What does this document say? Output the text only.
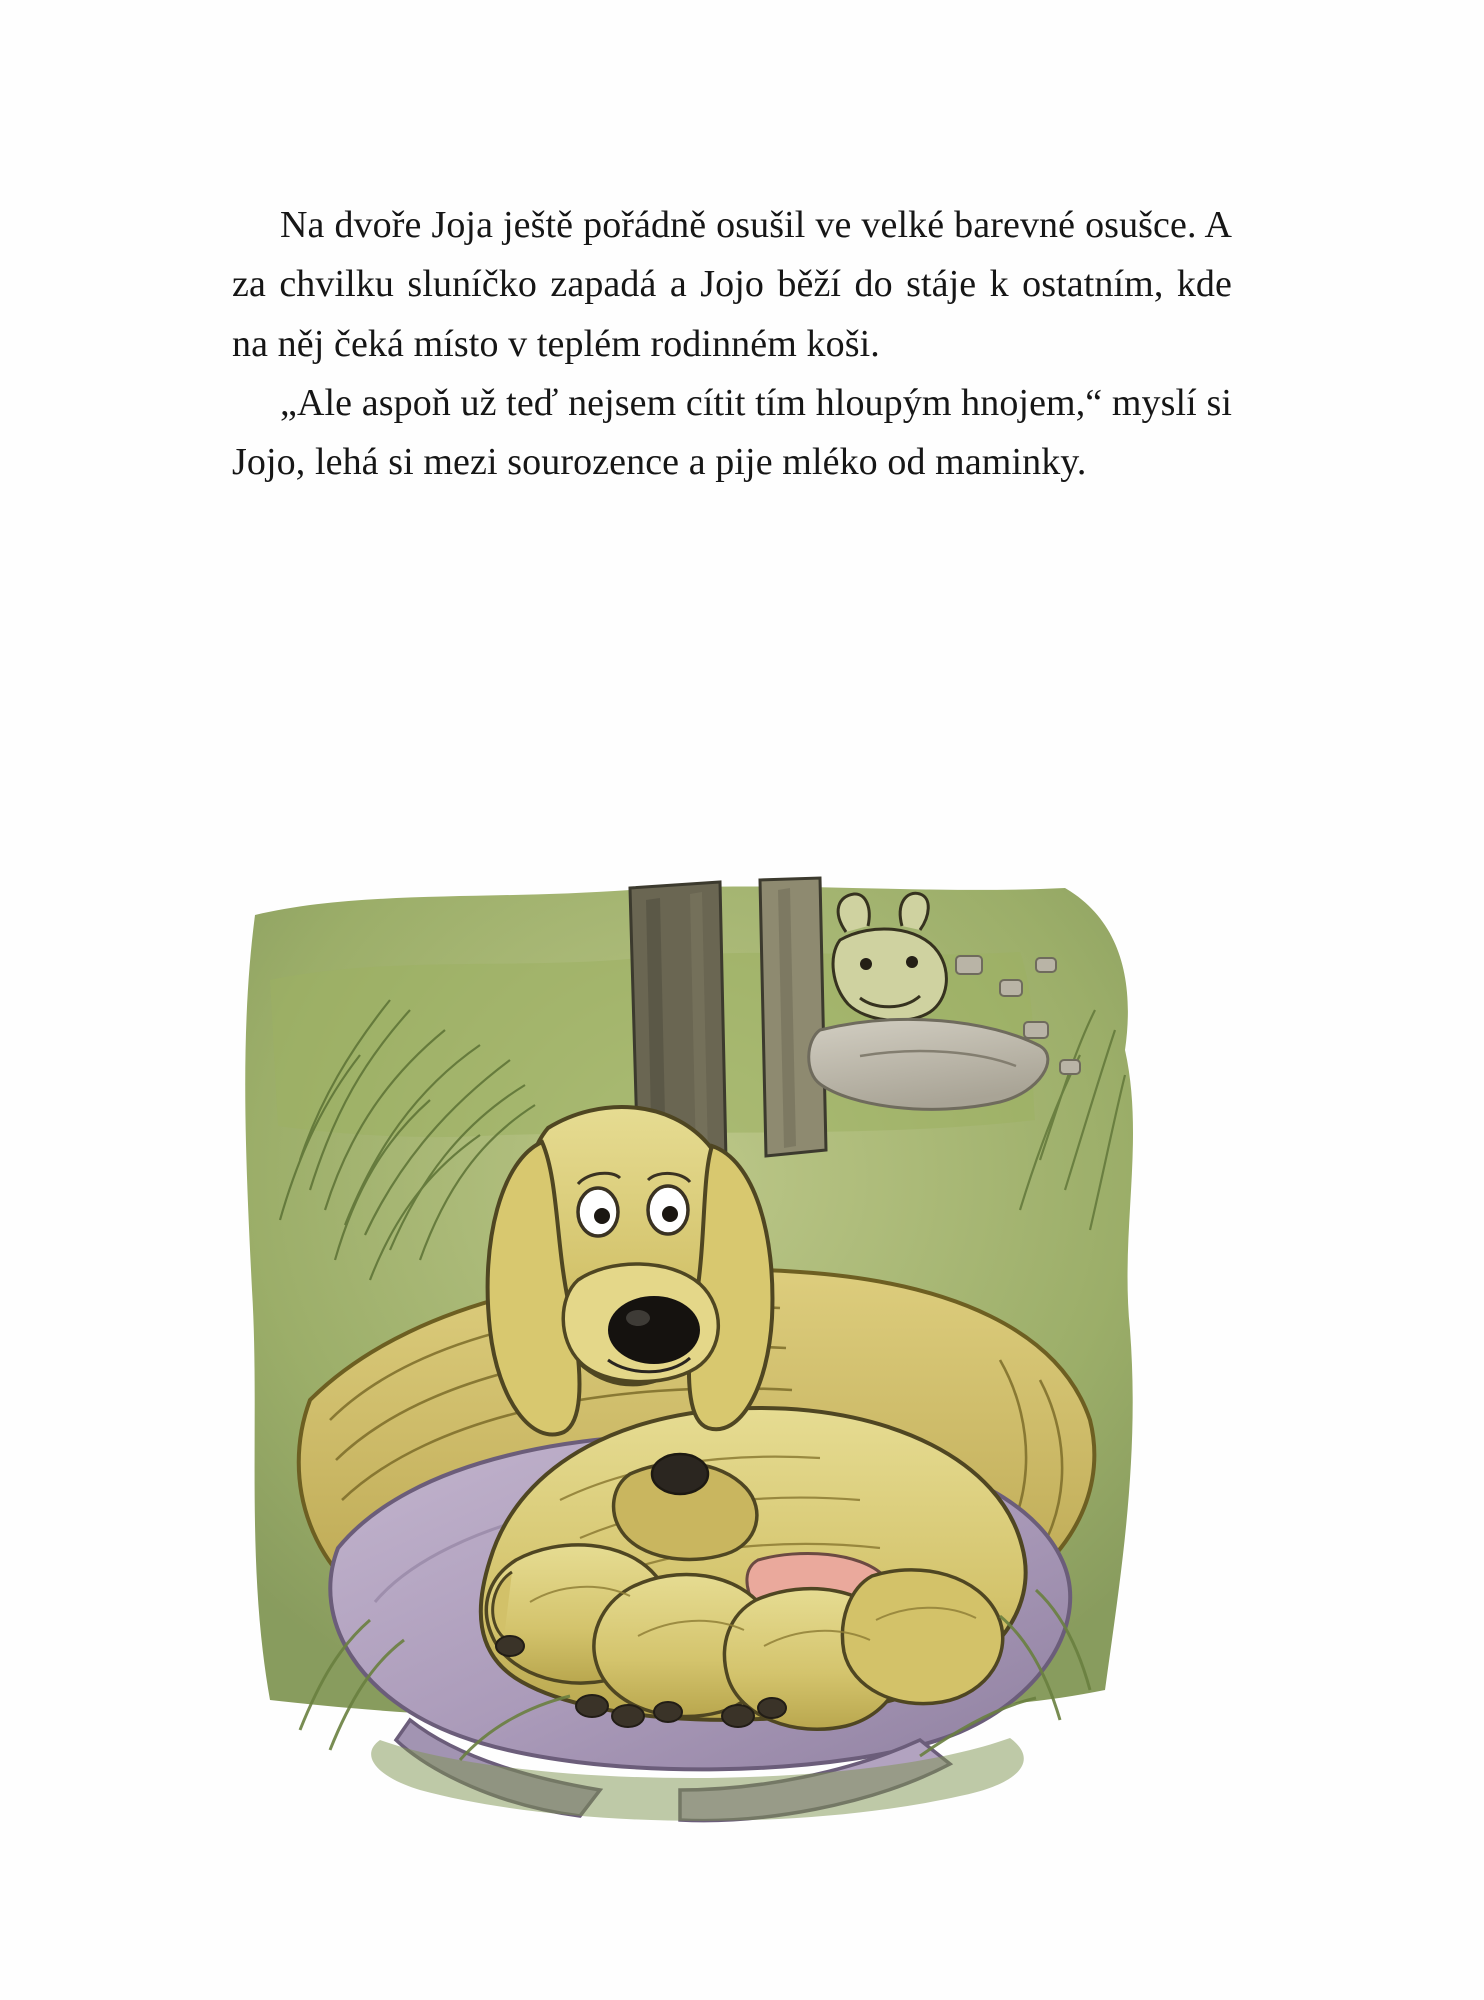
Na dvoře Joja ještě pořádně osušil ve velké barevné osušce. A za chvilku sluníčko zapadá a Jojo běží do stáje k ostatním, kde na něj čeká místo v teplém rodinném koši.

„Ale aspoň už teď nejsem cítit tím hloupým hnojem,“ myslí si Jojo, lehá si mezi sourozence a pije mléko od maminky.
